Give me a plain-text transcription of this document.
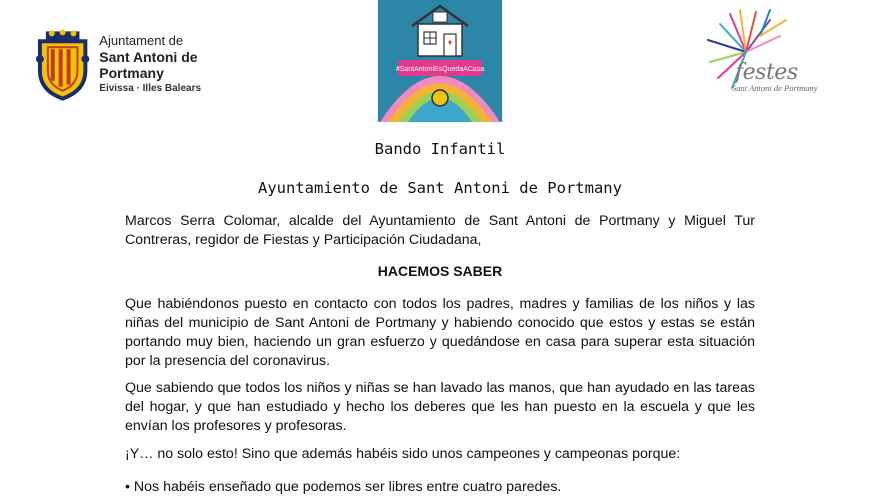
Ajuntament de
Sant Antoni de Portmany
Eivissa · Illes Balears
#SantAntoniEsQuedaACasa	festes
Sant Antoni de Portmany
Bando Infantil
Ayuntamiento de Sant Antoni de Portmany

Marcos Serra Colomar, alcalde del Ayuntamiento de Sant Antoni de Portmany y Miguel Tur Contreras, regidor de Fiestas y Participación Ciudadana,

HACEMOS SABER

Que habiéndonos puesto en contacto con todos los padres, madres y familias de los niños y las niñas del municipio de Sant Antoni de Portmany y habiendo conocido que estos y estas se están portando muy bien, haciendo un gran esfuerzo y quedándose en casa para superar esta situación por la presencia del coronavirus.

Que sabiendo que todos los niños y niñas se han lavado las manos, que han ayudado en las tareas del hogar, y que han estudiado y hecho los deberes que les han puesto en la escuela y que les envían los profesores y profesoras.

¡Y… no solo esto! Sino que además habéis sido unos campeones y campeonas porque:

• Nos habéis enseñado que podemos ser libres entre cuatro paredes.
